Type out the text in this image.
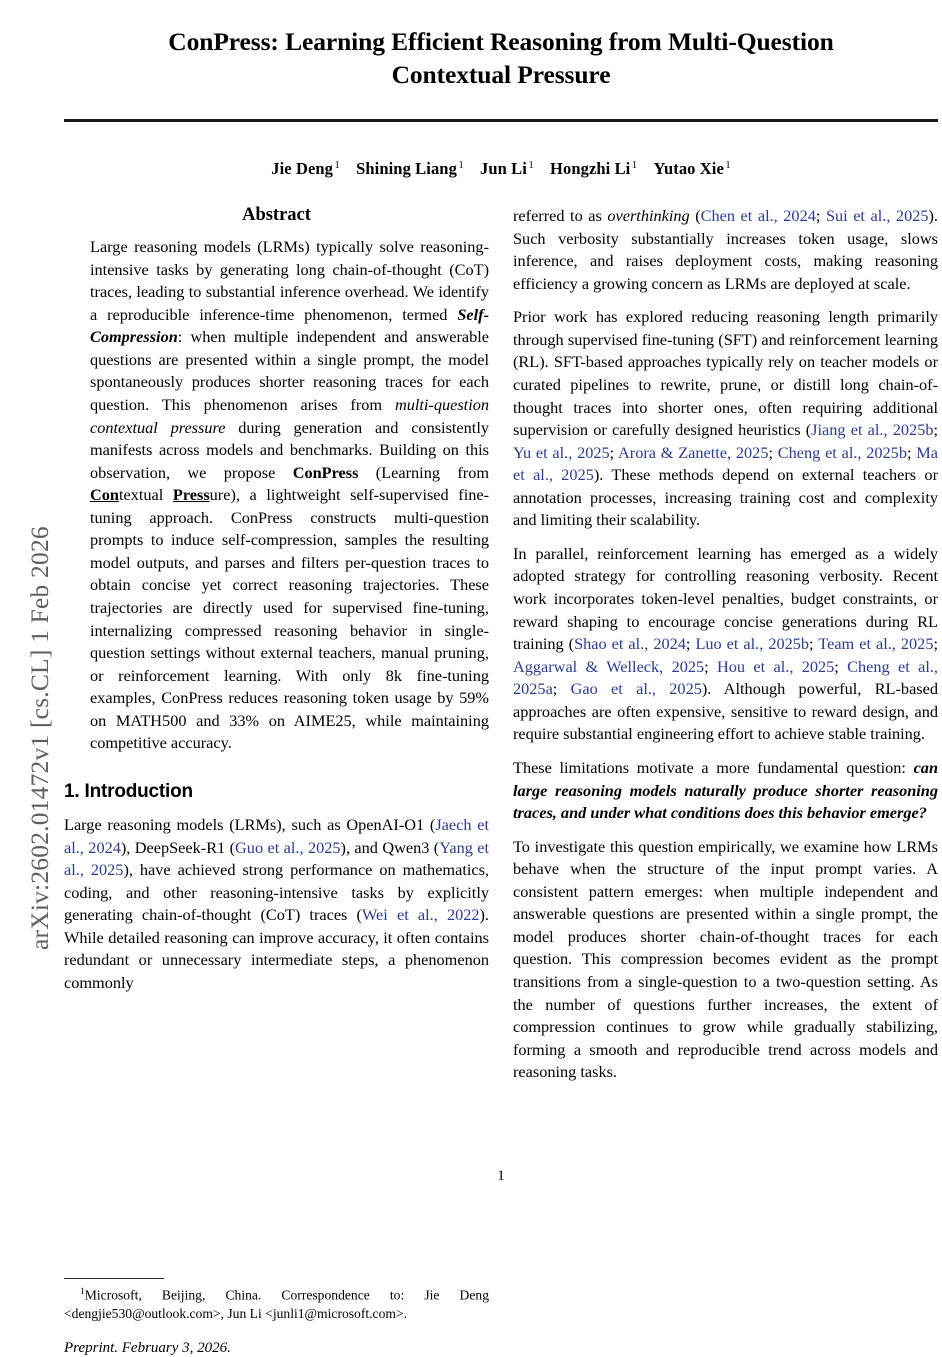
arXiv:2602.01472v1 [cs.CL] 1 Feb 2026
ConPress: Learning Efficient Reasoning from Multi-Question
Contextual Pressure
Jie Deng $^1$ Shining Liang $^1$ Jun Li $^1$ Hongzhi Li $^1$ Yutao Xie $^1$
Abstract

Large reasoning models (LRMs) typically solve reasoning-intensive tasks by generating long chain-of-thought (CoT) traces, leading to substantial inference overhead. We identify a reproducible inference-time phenomenon, termed Self-Compression: when multiple independent and answerable questions are presented within a single prompt, the model spontaneously produces shorter reasoning traces for each question. This phenomenon arises from multi-question contextual pressure during generation and consistently manifests across models and benchmarks. Building on this observation, we propose ConPress (Learning from Contextual Pressure), a lightweight self-supervised fine-tuning approach. ConPress constructs multi-question prompts to induce self-compression, samples the resulting model outputs, and parses and filters per-question traces to obtain concise yet correct reasoning trajectories. These trajectories are directly used for supervised fine-tuning, internalizing compressed reasoning behavior in single-question settings without external teachers, manual pruning, or reinforcement learning. With only 8k fine-tuning examples, ConPress reduces reasoning token usage by 59% on MATH500 and 33% on AIME25, while maintaining competitive accuracy.

1. Introduction

Large reasoning models (LRMs), such as OpenAI-O1 (Jaech et al., 2024), DeepSeek-R1 (Guo et al., 2025), and Qwen3 (Yang et al., 2025), have achieved strong performance on mathematics, coding, and other reasoning-intensive tasks by explicitly generating chain-of-thought (CoT) traces (Wei et al., 2022). While detailed reasoning can improve accuracy, it often contains redundant or unnecessary intermediate steps, a phenomenon commonly

$^1$Microsoft, Beijing, China. Correspondence to: Jie Deng <dengjie530@outlook.com>, Jun Li <junli1@microsoft.com>.

Preprint. February 3, 2026.

referred to as overthinking (Chen et al., 2024; Sui et al., 2025). Such verbosity substantially increases token usage, slows inference, and raises deployment costs, making reasoning efficiency a growing concern as LRMs are deployed at scale.

Prior work has explored reducing reasoning length primarily through supervised fine-tuning (SFT) and reinforcement learning (RL). SFT-based approaches typically rely on teacher models or curated pipelines to rewrite, prune, or distill long chain-of-thought traces into shorter ones, often requiring additional supervision or carefully designed heuristics (Jiang et al., 2025b; Yu et al., 2025; Arora & Zanette, 2025; Cheng et al., 2025b; Ma et al., 2025). These methods depend on external teachers or annotation processes, increasing training cost and complexity and limiting their scalability.

In parallel, reinforcement learning has emerged as a widely adopted strategy for controlling reasoning verbosity. Recent work incorporates token-level penalties, budget constraints, or reward shaping to encourage concise generations during RL training (Shao et al., 2024; Luo et al., 2025b; Team et al., 2025; Aggarwal & Welleck, 2025; Hou et al., 2025; Cheng et al., 2025a; Gao et al., 2025). Although powerful, RL-based approaches are often expensive, sensitive to reward design, and require substantial engineering effort to achieve stable training.

These limitations motivate a more fundamental question: can large reasoning models naturally produce shorter reasoning traces, and under what conditions does this behavior emerge?

To investigate this question empirically, we examine how LRMs behave when the structure of the input prompt varies. A consistent pattern emerges: when multiple independent and answerable questions are presented within a single prompt, the model produces shorter chain-of-thought traces for each question. This compression becomes evident as the prompt transitions from a single-question to a two-question setting. As the number of questions further increases, the extent of compression continues to grow while gradually stabilizing, forming a smooth and reproducible trend across models and reasoning tasks.

1
